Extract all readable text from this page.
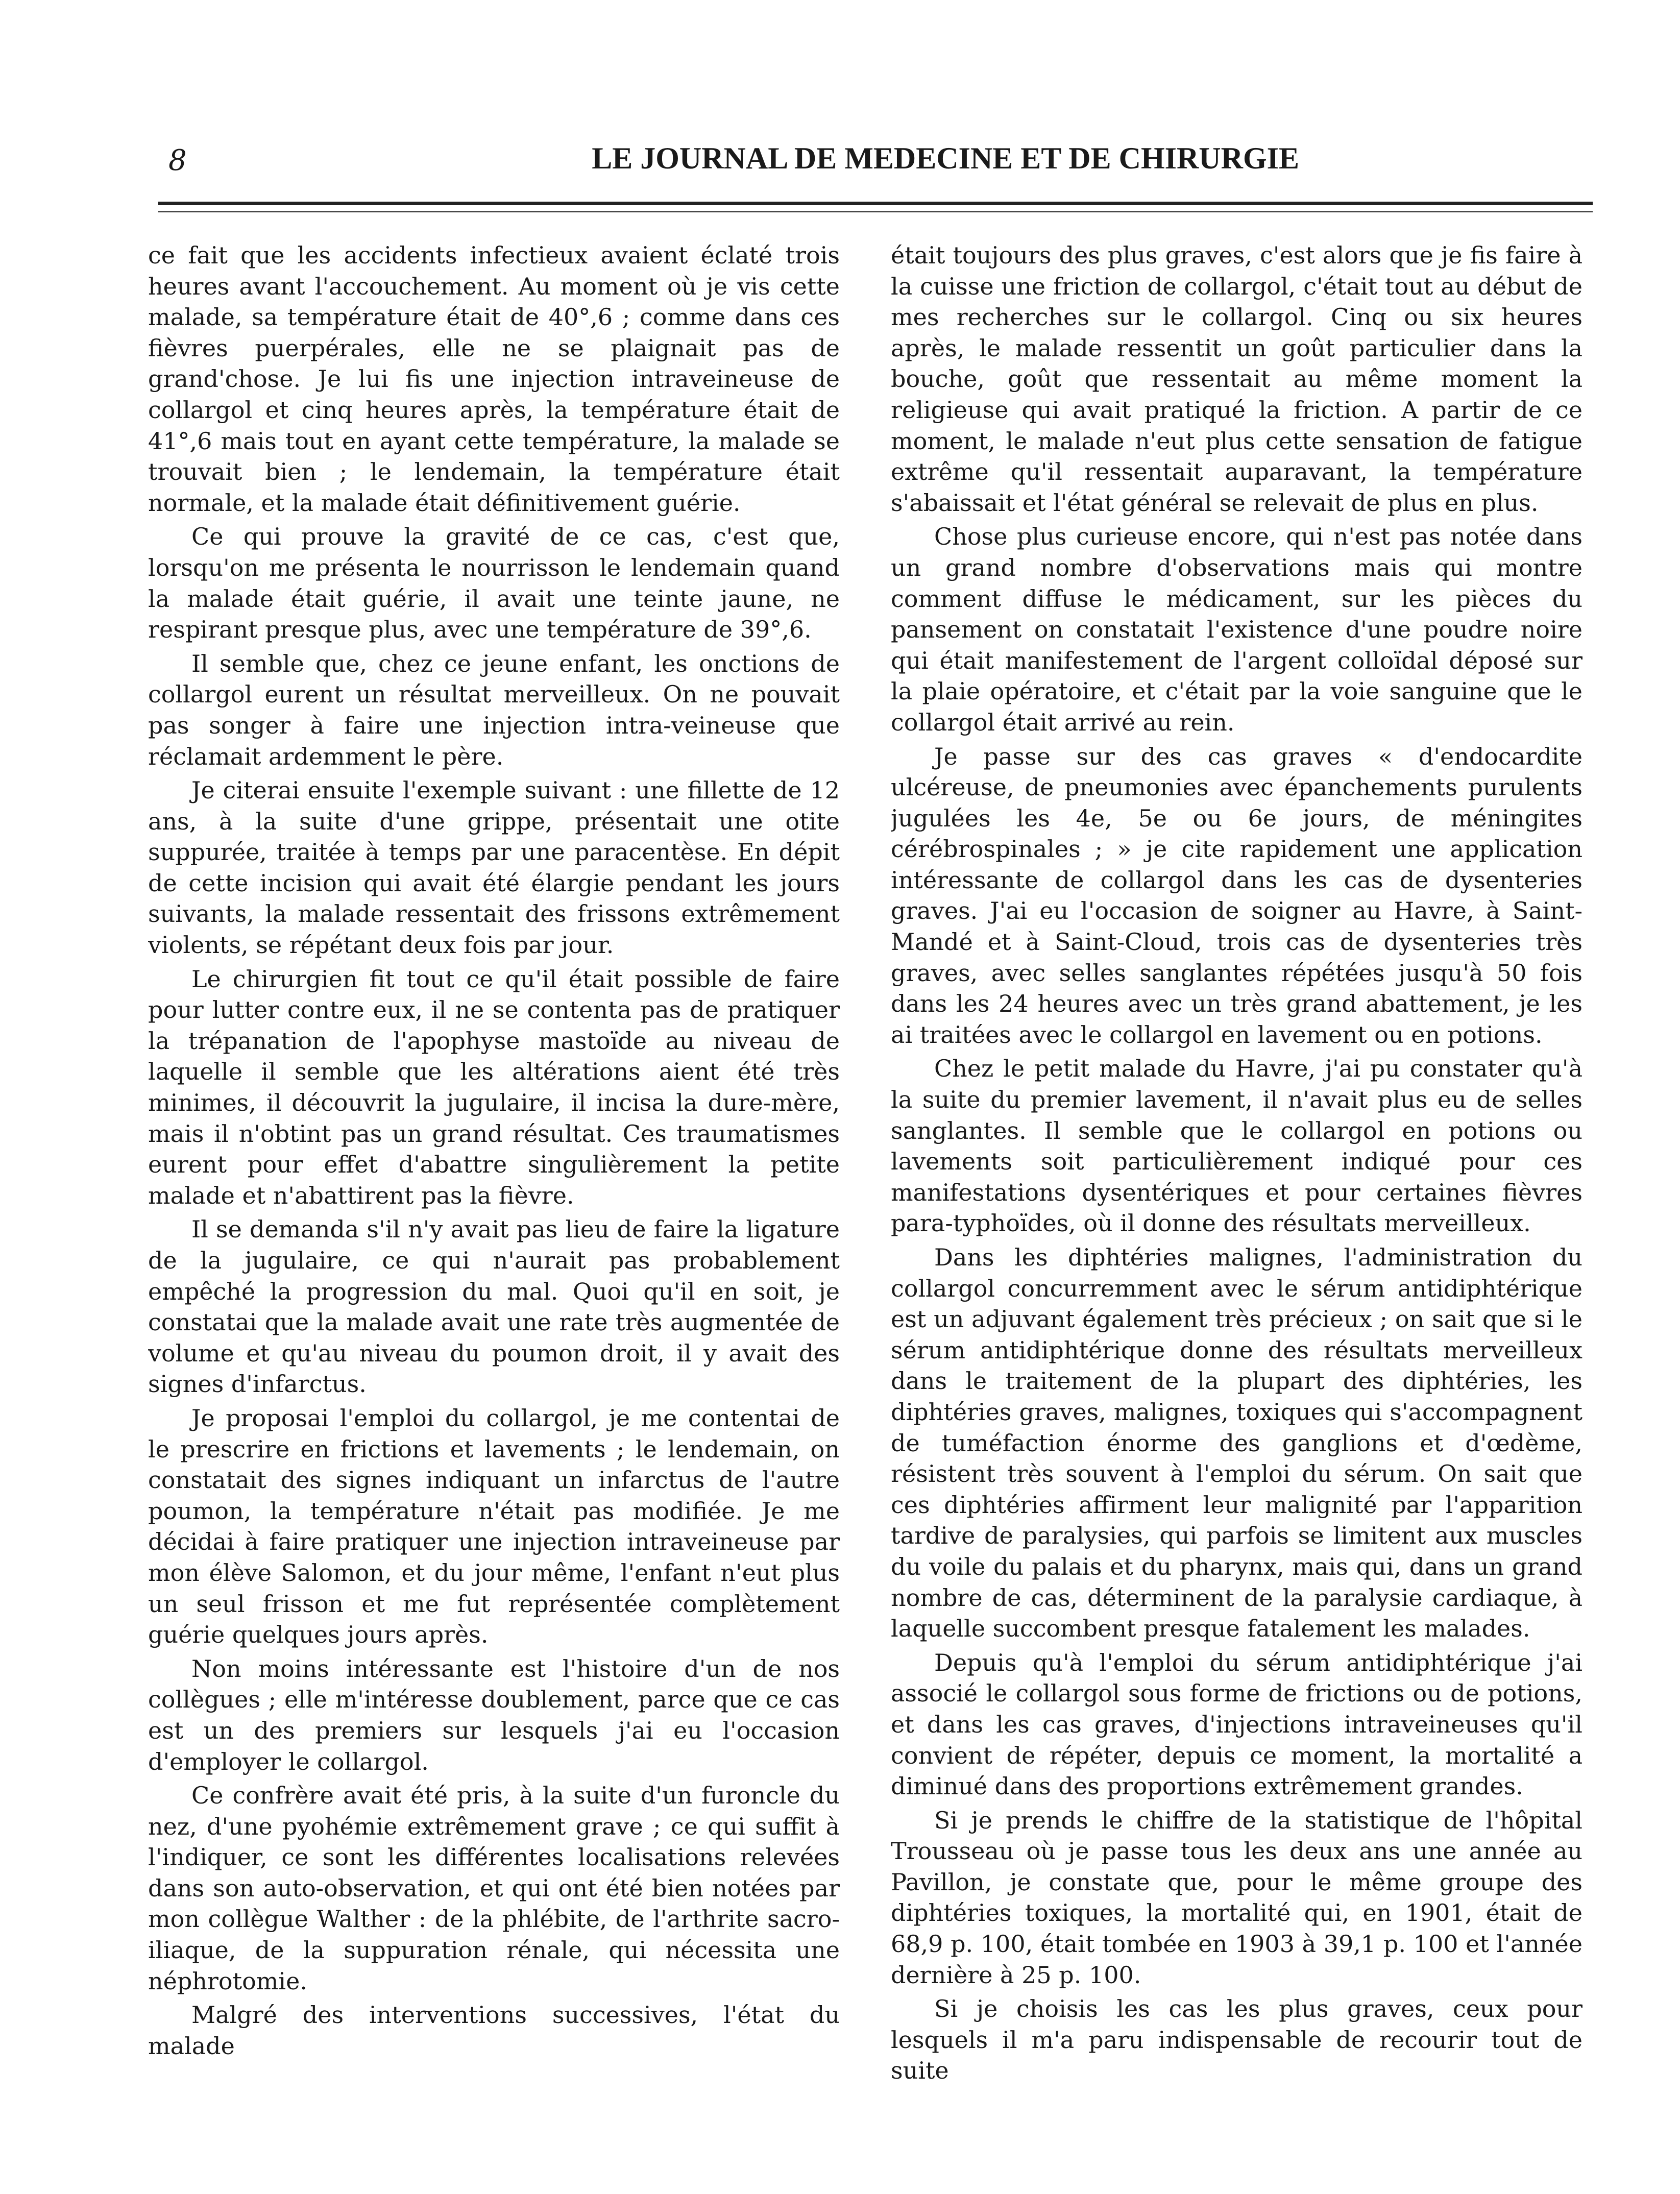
8	LE JOURNAL DE MEDECINE ET DE CHIRURGIE

ce fait que les accidents infectieux avaient éclaté trois heures avant l'accouchement. Au moment où je vis cette malade, sa température était de 40°,6 ; comme dans ces fièvres puerpérales, elle ne se plaignait pas de grand'chose. Je lui fis une injection intraveineuse de collargol et cinq heures après, la température était de 41°,6 mais tout en ayant cette température, la malade se trouvait bien ; le lendemain, la température était normale, et la malade était définitivement guérie.

Ce qui prouve la gravité de ce cas, c'est que, lorsqu'on me présenta le nourrisson le lendemain quand la malade était guérie, il avait une teinte jaune, ne respirant presque plus, avec une température de 39°,6.

Il semble que, chez ce jeune enfant, les onctions de collargol eurent un résultat merveilleux. On ne pouvait pas songer à faire une injection intra-veineuse que réclamait ardemment le père.

Je citerai ensuite l'exemple suivant : une fillette de 12 ans, à la suite d'une grippe, présentait une otite suppurée, traitée à temps par une paracentèse. En dépit de cette incision qui avait été élargie pendant les jours suivants, la malade ressentait des frissons extrêmement violents, se répétant deux fois par jour.

Le chirurgien fit tout ce qu'il était possible de faire pour lutter contre eux, il ne se contenta pas de pratiquer la trépanation de l'apophyse mastoïde au niveau de laquelle il semble que les altérations aient été très minimes, il découvrit la jugulaire, il incisa la dure-mère, mais il n'obtint pas un grand résultat. Ces traumatismes eurent pour effet d'abattre singulièrement la petite malade et n'abattirent pas la fièvre.

Il se demanda s'il n'y avait pas lieu de faire la ligature de la jugulaire, ce qui n'aurait pas probablement empêché la progression du mal. Quoi qu'il en soit, je constatai que la malade avait une rate très augmentée de volume et qu'au niveau du poumon droit, il y avait des signes d'infarctus.

Je proposai l'emploi du collargol, je me contentai de le prescrire en frictions et lavements ; le lendemain, on constatait des signes indiquant un infarctus de l'autre poumon, la température n'était pas modifiée. Je me décidai à faire pratiquer une injection intraveineuse par mon élève Salomon, et du jour même, l'enfant n'eut plus un seul frisson et me fut représentée complètement guérie quelques jours après.

Non moins intéressante est l'histoire d'un de nos collègues ; elle m'intéresse doublement, parce que ce cas est un des premiers sur lesquels j'ai eu l'occasion d'employer le collargol.

Ce confrère avait été pris, à la suite d'un furoncle du nez, d'une pyohémie extrêmement grave ; ce qui suffit à l'indiquer, ce sont les différentes localisations relevées dans son auto-observation, et qui ont été bien notées par mon collègue Walther : de la phlébite, de l'arthrite sacro-iliaque, de la suppuration rénale, qui nécessita une néphrotomie.

Malgré des interventions successives, l'état du malade

était toujours des plus graves, c'est alors que je fis faire à la cuisse une friction de collargol, c'était tout au début de mes recherches sur le collargol. Cinq ou six heures après, le malade ressentit un goût particulier dans la bouche, goût que ressentait au même moment la religieuse qui avait pratiqué la friction. A partir de ce moment, le malade n'eut plus cette sensation de fatigue extrême qu'il ressentait auparavant, la température s'abaissait et l'état général se relevait de plus en plus.

Chose plus curieuse encore, qui n'est pas notée dans un grand nombre d'observations mais qui montre comment diffuse le médicament, sur les pièces du pansement on constatait l'existence d'une poudre noire qui était manifestement de l'argent colloïdal déposé sur la plaie opératoire, et c'était par la voie sanguine que le collargol était arrivé au rein.

Je passe sur des cas graves « d'endocardite ulcéreuse, de pneumonies avec épanchements purulents jugulées les 4e, 5e ou 6e jours, de méningites cérébrospinales ; » je cite rapidement une application intéressante de collargol dans les cas de dysenteries graves. J'ai eu l'occasion de soigner au Havre, à Saint-Mandé et à Saint-Cloud, trois cas de dysenteries très graves, avec selles sanglantes répétées jusqu'à 50 fois dans les 24 heures avec un très grand abattement, je les ai traitées avec le collargol en lavement ou en potions.

Chez le petit malade du Havre, j'ai pu constater qu'à la suite du premier lavement, il n'avait plus eu de selles sanglantes. Il semble que le collargol en potions ou lavements soit particulièrement indiqué pour ces manifestations dysentériques et pour certaines fièvres para-typhoïdes, où il donne des résultats merveilleux.

Dans les diphtéries malignes, l'administration du collargol concurremment avec le sérum antidiphtérique est un adjuvant également très précieux ; on sait que si le sérum antidiphtérique donne des résultats merveilleux dans le traitement de la plupart des diphtéries, les diphtéries graves, malignes, toxiques qui s'accompagnent de tuméfaction énorme des ganglions et d'œdème, résistent très souvent à l'emploi du sérum. On sait que ces diphtéries affirment leur malignité par l'apparition tardive de paralysies, qui parfois se limitent aux muscles du voile du palais et du pharynx, mais qui, dans un grand nombre de cas, déterminent de la paralysie cardiaque, à laquelle succombent presque fatalement les malades.

Depuis qu'à l'emploi du sérum antidiphtérique j'ai associé le collargol sous forme de frictions ou de potions, et dans les cas graves, d'injections intraveineuses qu'il convient de répéter, depuis ce moment, la mortalité a diminué dans des proportions extrêmement grandes.

Si je prends le chiffre de la statistique de l'hôpital Trousseau où je passe tous les deux ans une année au Pavillon, je constate que, pour le même groupe des diphtéries toxiques, la mortalité qui, en 1901, était de 68,9 p. 100, était tombée en 1903 à 39,1 p. 100 et l'année dernière à 25 p. 100.

Si je choisis les cas les plus graves, ceux pour lesquels il m'a paru indispensable de recourir tout de suite
